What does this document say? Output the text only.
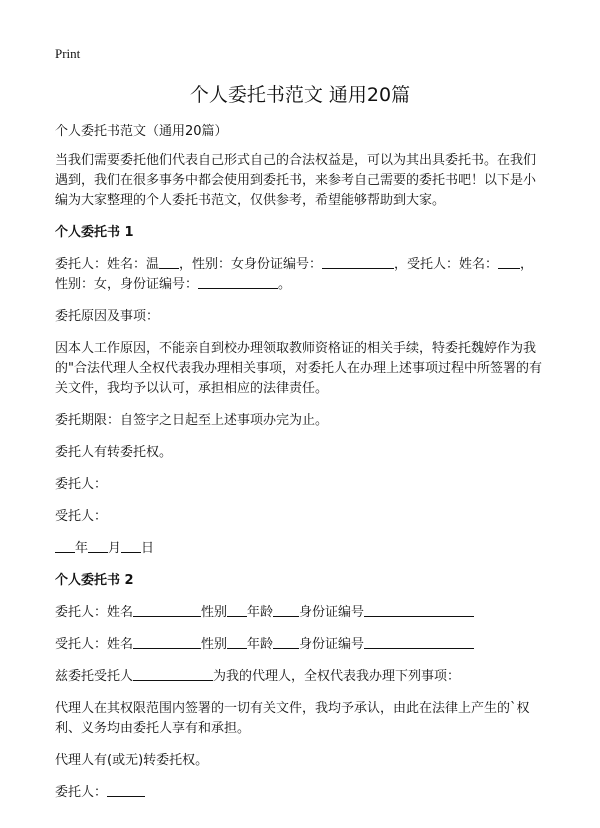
Print
个人委托书范文 通用20篇

个人委托书范文（通用20篇）

当我们需要委托他们代表自己形式自己的合法权益是，可以为其出具委托书。在我们遇到，我们在很多事务中都会使用到委托书，来参考自己需要的委托书吧！以下是小编为大家整理的个人委托书范文，仅供参考，希望能够帮助到大家。

个人委托书 1

委托人：姓名：温 ，性别：女身份证编号：	，受托人：姓名： ，
性别：女，身份证编号：	。

委托原因及事项：

因本人工作原因，不能亲自到校办理领取教师资格证的相关手续，特委托魏婷作为我的"合法代理人全权代表我办理相关事项，对委托人在办理上述事项过程中所签署的有关文件，我均予以认可，承担相应的法律责任。

委托期限：自签字之日起至上述事项办完为止。

委托人有转委托权。

委托人：

受托人：

年 月 日

个人委托书 2

委托人：姓名	性别 年龄 身份证编号

受托人：姓名	性别 年龄 身份证编号

兹委托受托人	为我的代理人，全权代表我办理下列事项：

代理人在其权限范围内签署的一切有关文件，我均予承认，由此在法律上产生的`权利、义务均由委托人享有和承担。

代理人有(或无)转委托权。

委托人：
